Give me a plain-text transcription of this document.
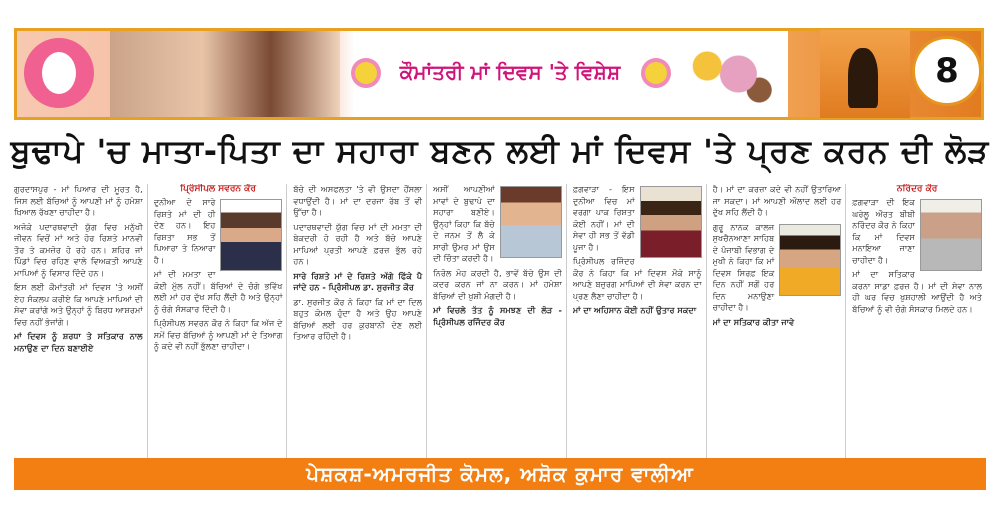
ਕੌਮਾਂਤਰੀ ਮਾਂ ਦਿਵਸ 'ਤੇ ਵਿਸ਼ੇਸ਼	8
ਬੁਢਾਪੇ 'ਚ ਮਾਤਾ-ਪਿਤਾ ਦਾ ਸਹਾਰਾ ਬਣਨ ਲਈ ਮਾਂ ਦਿਵਸ 'ਤੇ ਪ੍ਰਣ ਕਰਨ ਦੀ ਲੋੜ

ਗੁਰਦਾਸਪੁਰ - ਮਾਂ ਪਿਆਰ ਦੀ ਮੂਰਤ ਹੈ, ਜਿਸ ਲਈ ਬੱਚਿਆਂ ਨੂੰ ਆਪਣੀ ਮਾਂ ਨੂੰ ਹਮੇਸ਼ਾ ਖ਼ਿਆਲ ਰੱਖਣਾ ਚਾਹੀਦਾ ਹੈ।

ਅਜੋਕੇ ਪਦਾਰਥਵਾਦੀ ਯੁੱਗ ਵਿਚ ਮਨੁੱਖੀ ਜੀਵਨ ਵਿਚੋਂ ਮਾਂ ਅਤੇ ਹੋਰ ਰਿਸ਼ਤੇ ਮਾਨਵੀ ਤੌਰ ਤੇ ਕਮਜ਼ੋਰ ਹੋ ਰਹੇ ਹਨ। ਸ਼ਹਿਰ ਜਾਂ ਪਿੰਡਾਂ ਵਿਚ ਰਹਿਣ ਵਾਲੇ ਵਿਅਕਤੀ ਆਪਣੇ ਮਾਪਿਆਂ ਨੂੰ ਵਿਸਾਰ ਦਿੰਦੇ ਹਨ।

ਇਸ ਲਈ ਕੌਮਾਂਤਰੀ ਮਾਂ ਦਿਵਸ 'ਤੇ ਅਸੀਂ ਏਹ ਸੰਕਲਪ ਕਰੀਏ ਕਿ ਆਪਣੇ ਮਾਪਿਆਂ ਦੀ ਸੇਵਾ ਕਰਾਂਗੇ ਅਤੇ ਉਨ੍ਹਾਂ ਨੂੰ ਬਿਰਧ ਆਸ਼ਰਮਾਂ ਵਿਚ ਨਹੀਂ ਭੇਜਾਂਗੇ।

ਮਾਂ ਦਿਵਸ ਨੂੰ ਸ਼ਰਧਾ ਤੇ ਸਤਿਕਾਰ ਨਾਲ ਮਨਾਉਣ ਦਾ ਦਿਨ ਬਣਾਈਏ

ਪ੍ਰਿੰਸੀਪਲ ਸਵਰਨ ਕੌਰ

ਦੁਨੀਆ ਦੇ ਸਾਰੇ ਰਿਸ਼ਤੇ ਮਾਂ ਦੀ ਹੀ ਦੇਣ ਹਨ। ਇਹ ਰਿਸ਼ਤਾ ਸਭ ਤੋਂ ਪਿਆਰਾ ਤੇ ਨਿਆਰਾ ਹੈ।

ਮਾਂ ਦੀ ਮਮਤਾ ਦਾ ਕੋਈ ਮੁੱਲ ਨਹੀਂ। ਬੱਚਿਆਂ ਦੇ ਚੰਗੇ ਭਵਿੱਖ ਲਈ ਮਾਂ ਹਰ ਦੁੱਖ ਸਹਿ ਲੈਂਦੀ ਹੈ ਅਤੇ ਉਨ੍ਹਾਂ ਨੂੰ ਚੰਗੇ ਸੰਸਕਾਰ ਦਿੰਦੀ ਹੈ।

ਪ੍ਰਿੰਸੀਪਲ ਸਵਰਨ ਕੌਰ ਨੇ ਕਿਹਾ ਕਿ ਅੱਜ ਦੇ ਸਮੇਂ ਵਿਚ ਬੱਚਿਆਂ ਨੂੰ ਆਪਣੀ ਮਾਂ ਦੇ ਤਿਆਗ ਨੂੰ ਕਦੇ ਵੀ ਨਹੀਂ ਭੁੱਲਣਾ ਚਾਹੀਦਾ।

ਬੱਚੇ ਦੀ ਅਸਫਲਤਾ 'ਤੇ ਵੀ ਉਸਦਾ ਹੌਂਸਲਾ ਵਧਾਉਂਦੀ ਹੈ। ਮਾਂ ਦਾ ਦਰਜਾ ਰੱਬ ਤੋਂ ਵੀ ਉੱਚਾ ਹੈ।

ਪਦਾਰਥਵਾਦੀ ਯੁੱਗ ਵਿਚ ਮਾਂ ਦੀ ਮਮਤਾ ਦੀ ਬੇਕਦਰੀ ਹੋ ਰਹੀ ਹੈ ਅਤੇ ਬੱਚੇ ਆਪਣੇ ਮਾਪਿਆਂ ਪ੍ਰਤੀ ਆਪਣੇ ਫ਼ਰਜ਼ ਭੁੱਲ ਰਹੇ ਹਨ।

ਸਾਰੇ ਰਿਸ਼ਤੇ ਮਾਂ ਦੇ ਰਿਸ਼ਤੇ ਅੱਗੇ ਫਿੱਕੇ ਪੈ ਜਾਂਦੇ ਹਨ - ਪ੍ਰਿੰਸੀਪਲ ਡਾ. ਸੁਰਜੀਤ ਕੌਰ

ਡਾ. ਸੁਰਜੀਤ ਕੌਰ ਨੇ ਕਿਹਾ ਕਿ ਮਾਂ ਦਾ ਦਿਲ ਬਹੁਤ ਕੋਮਲ ਹੁੰਦਾ ਹੈ ਅਤੇ ਉਹ ਆਪਣੇ ਬੱਚਿਆਂ ਲਈ ਹਰ ਕੁਰਬਾਨੀ ਦੇਣ ਲਈ ਤਿਆਰ ਰਹਿੰਦੀ ਹੈ।

ਅਸੀਂ ਆਪਣੀਆਂ ਮਾਵਾਂ ਦੇ ਬੁਢਾਪੇ ਦਾ ਸਹਾਰਾ ਬਣੀਏ। ਉਨ੍ਹਾਂ ਕਿਹਾ ਕਿ ਬੱਚੇ ਦੇ ਜਨਮ ਤੋਂ ਲੈ ਕੇ ਸਾਰੀ ਉਮਰ ਮਾਂ ਉਸ ਦੀ ਚਿੰਤਾ ਕਰਦੀ ਹੈ।

ਨਿਰੋਲ ਮੋਹ ਕਰਦੀ ਹੈ, ਭਾਵੇਂ ਬੱਚੇ ਉਸ ਦੀ ਕਦਰ ਕਰਨ ਜਾਂ ਨਾ ਕਰਨ। ਮਾਂ ਹਮੇਸ਼ਾ ਬੱਚਿਆਂ ਦੀ ਖੁਸ਼ੀ ਮੰਗਦੀ ਹੈ।

ਮਾਂ ਵਿਚਲੇ ਤੱਤ ਨੂੰ ਸਮਝਣ ਦੀ ਲੋੜ - ਪ੍ਰਿੰਸੀਪਲ ਰਜਿੰਦਰ ਕੌਰ

ਫ਼ਗਵਾੜਾ - ਇਸ ਦੁਨੀਆ ਵਿਚ ਮਾਂ ਵਰਗਾ ਪਾਕ ਰਿਸ਼ਤਾ ਕੋਈ ਨਹੀਂ। ਮਾਂ ਦੀ ਸੇਵਾ ਹੀ ਸਭ ਤੋਂ ਵੱਡੀ ਪੂਜਾ ਹੈ।

ਪ੍ਰਿੰਸੀਪਲ ਰਜਿੰਦਰ ਕੌਰ ਨੇ ਕਿਹਾ ਕਿ ਮਾਂ ਦਿਵਸ ਮੌਕੇ ਸਾਨੂੰ ਆਪਣੇ ਬਜ਼ੁਰਗ ਮਾਪਿਆਂ ਦੀ ਸੇਵਾ ਕਰਨ ਦਾ ਪ੍ਰਣ ਲੈਣਾ ਚਾਹੀਦਾ ਹੈ।

ਮਾਂ ਦਾ ਅਹਿਸਾਨ ਕੋਈ ਨਹੀਂ ਉਤਾਰ ਸਕਦਾ

ਹੈ। ਮਾਂ ਦਾ ਕਰਜ਼ਾ ਕਦੇ ਵੀ ਨਹੀਂ ਉਤਾਰਿਆ ਜਾ ਸਕਦਾ। ਮਾਂ ਆਪਣੀ ਔਲਾਦ ਲਈ ਹਰ ਦੁੱਖ ਸਹਿ ਲੈਂਦੀ ਹੈ।

ਗੁਰੂ ਨਾਨਕ ਕਾਲਜ ਸੁਖਚੈਨਆਣਾ ਸਾਹਿਬ ਦੇ ਪੰਜਾਬੀ ਵਿਭਾਗ ਦੇ ਮੁਖੀ ਨੇ ਕਿਹਾ ਕਿ ਮਾਂ ਦਿਵਸ ਸਿਰਫ਼ ਇਕ ਦਿਨ ਨਹੀਂ ਸਗੋਂ ਹਰ ਦਿਨ ਮਨਾਉਣਾ ਚਾਹੀਦਾ ਹੈ।

ਮਾਂ ਦਾ ਸਤਿਕਾਰ ਕੀਤਾ ਜਾਵੇ

ਨਰਿੰਦਰ ਕੌਰ

ਫ਼ਗਵਾੜਾ ਦੀ ਇਕ ਘਰੇਲੂ ਔਰਤ ਬੀਬੀ ਨਰਿੰਦਰ ਕੌਰ ਨੇ ਕਿਹਾ ਕਿ ਮਾਂ ਦਿਵਸ ਮਨਾਇਆ ਜਾਣਾ ਚਾਹੀਦਾ ਹੈ।

ਮਾਂ ਦਾ ਸਤਿਕਾਰ ਕਰਨਾ ਸਾਡਾ ਫ਼ਰਜ਼ ਹੈ। ਮਾਂ ਦੀ ਸੇਵਾ ਨਾਲ ਹੀ ਘਰ ਵਿਚ ਖੁਸ਼ਹਾਲੀ ਆਉਂਦੀ ਹੈ ਅਤੇ ਬੱਚਿਆਂ ਨੂੰ ਵੀ ਚੰਗੇ ਸੰਸਕਾਰ ਮਿਲਦੇ ਹਨ।

ਪੇਸ਼ਕਸ਼-ਅਮਰਜੀਤ ਕੋਮਲ, ਅਸ਼ੋਕ ਕੁਮਾਰ ਵਾਲੀਆ
